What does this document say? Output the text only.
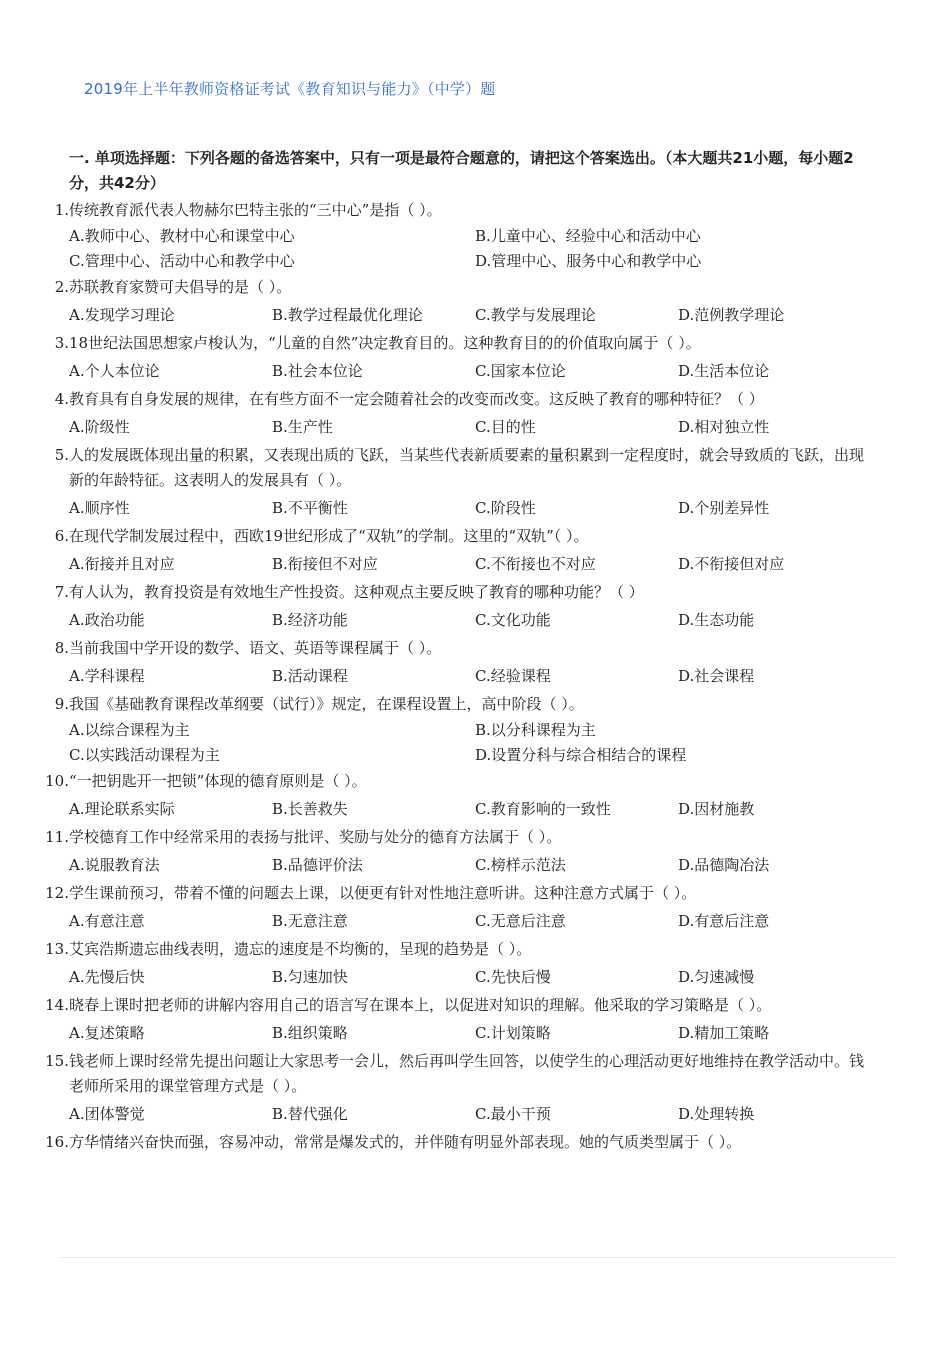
2019年上半年教师资格证考试《教育知识与能力》（中学）题
一. 单项选择题：下列各题的备选答案中，只有一项是最符合题意的，请把这个答案选出。（本大题共21小题，每小题2分，共42分）
1. 传统教育派代表人物赫尔巴特主张的“三中心”是指（ ）。
A.教师中心、教材中心和课堂中心	B.儿童中心、经验中心和活动中心
C.管理中心、活动中心和教学中心	D.管理中心、服务中心和教学中心
2. 苏联教育家赞可夫倡导的是（ ）。
A.发现学习理论	B.教学过程最优化理论	C.教学与发展理论	D.范例教学理论
3. 18世纪法国思想家卢梭认为，“儿童的自然”决定教育目的。这种教育目的的价值取向属于（ ）。
A.个人本位论	B.社会本位论	C.国家本位论	D.生活本位论
4. 教育具有自身发展的规律，在有些方面不一定会随着社会的改变而改变。这反映了教育的哪种特征？（ ）
A.阶级性	B.生产性	C.目的性	D.相对独立性
5. 人的发展既体现出量的积累，又表现出质的飞跃，当某些代表新质要素的量积累到一定程度时，就会导致质的飞跃，出现新的年龄特征。这表明人的发展具有（ ）。
A.顺序性	B.不平衡性	C.阶段性	D.个别差异性
6. 在现代学制发展过程中，西欧19世纪形成了“双轨”的学制。这里的“双轨”（ ）。
A.衔接并且对应	B.衔接但不对应	C.不衔接也不对应	D.不衔接但对应
7. 有人认为，教育投资是有效地生产性投资。这种观点主要反映了教育的哪种功能？（ ）
A.政治功能	B.经济功能	C.文化功能	D.生态功能
8. 当前我国中学开设的数学、语文、英语等课程属于（ ）。
A.学科课程	B.活动课程	C.经验课程	D.社会课程
9. 我国《基础教育课程改革纲要（试行）》规定，在课程设置上，高中阶段（ ）。
A.以综合课程为主	B.以分科课程为主
C.以实践活动课程为主	D.设置分科与综合相结合的课程
10. “一把钥匙开一把锁”体现的德育原则是（ ）。
A.理论联系实际	B.长善救失	C.教育影响的一致性	D.因材施教
11. 学校德育工作中经常采用的表扬与批评、奖励与处分的德育方法属于（ ）。
A.说服教育法	B.品德评价法	C.榜样示范法	D.品德陶冶法
12. 学生课前预习，带着不懂的问题去上课，以便更有针对性地注意听讲。这种注意方式属于（ ）。
A.有意注意	B.无意注意	C.无意后注意	D.有意后注意
13. 艾宾浩斯遗忘曲线表明，遗忘的速度是不均衡的，呈现的趋势是（ ）。
A.先慢后快	B.匀速加快	C.先快后慢	D.匀速减慢
14. 晓春上课时把老师的讲解内容用自己的语言写在课本上，以促进对知识的理解。他采取的学习策略是（ ）。
A.复述策略	B.组织策略	C.计划策略	D.精加工策略
15. 钱老师上课时经常先提出问题让大家思考一会儿，然后再叫学生回答，以使学生的心理活动更好地维持在教学活动中。钱老师所采用的课堂管理方式是（ ）。
A.团体警觉	B.替代强化	C.最小干预	D.处理转换
16. 方华情绪兴奋快而强，容易冲动，常常是爆发式的，并伴随有明显外部表现。她的气质类型属于（ ）。
